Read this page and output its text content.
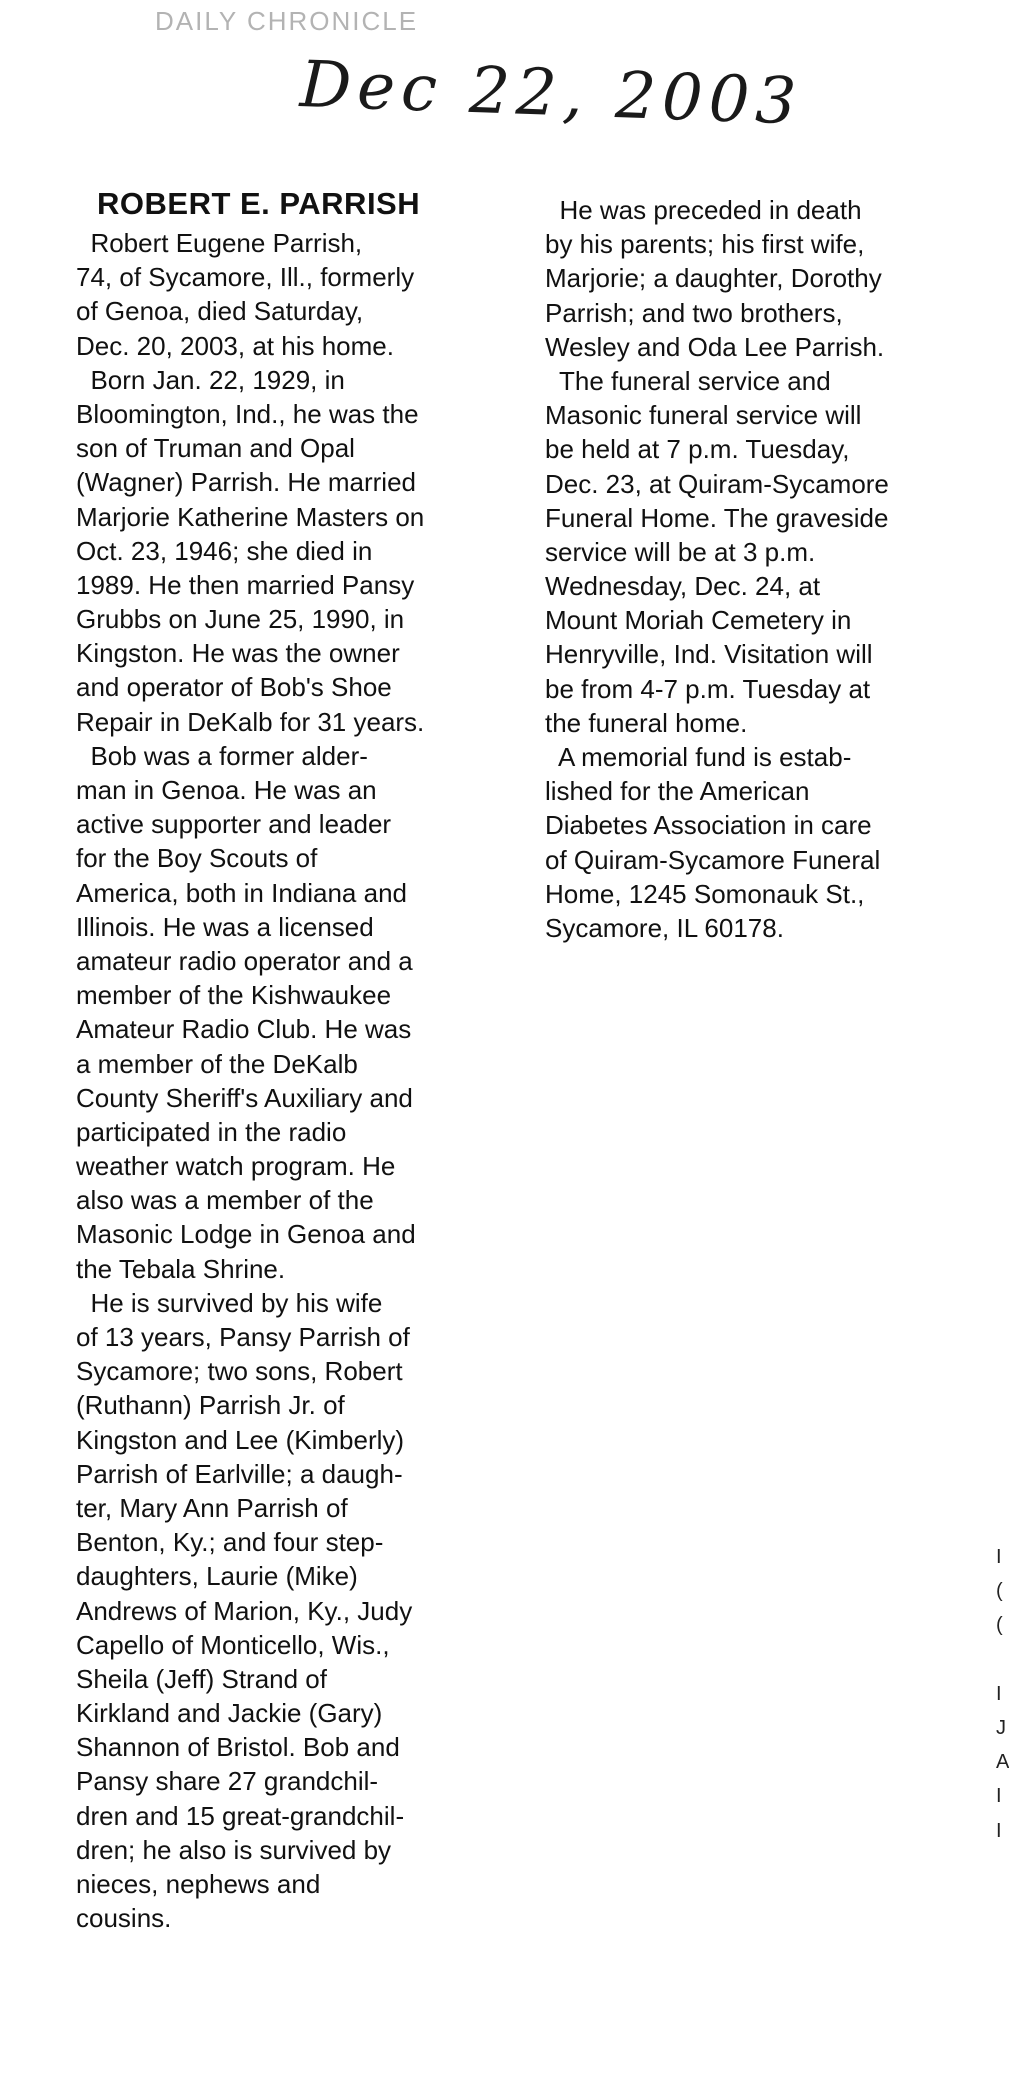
DAILY CHRONICLE
Dec 22, 2003
ROBERT E. PARRISH
Robert Eugene Parrish,
74, of Sycamore, Ill., formerly
of Genoa, died Saturday,
Dec. 20, 2003, at his home.
Born Jan. 22, 1929, in
Bloomington, Ind., he was the
son of Truman and Opal
(Wagner) Parrish. He married
Marjorie Katherine Masters on
Oct. 23, 1946; she died in
1989. He then married Pansy
Grubbs on June 25, 1990, in
Kingston. He was the owner
and operator of Bob's Shoe
Repair in DeKalb for 31 years.
Bob was a former alder-
man in Genoa. He was an
active supporter and leader
for the Boy Scouts of
America, both in Indiana and
Illinois. He was a licensed
amateur radio operator and a
member of the Kishwaukee
Amateur Radio Club. He was
a member of the DeKalb
County Sheriff's Auxiliary and
participated in the radio
weather watch program. He
also was a member of the
Masonic Lodge in Genoa and
the Tebala Shrine.
He is survived by his wife
of 13 years, Pansy Parrish of
Sycamore; two sons, Robert
(Ruthann) Parrish Jr. of
Kingston and Lee (Kimberly)
Parrish of Earlville; a daugh-
ter, Mary Ann Parrish of
Benton, Ky.; and four step-
daughters, Laurie (Mike)
Andrews of Marion, Ky., Judy
Capello of Monticello, Wis.,
Sheila (Jeff) Strand of
Kirkland and Jackie (Gary)
Shannon of Bristol. Bob and
Pansy share 27 grandchil-
dren and 15 great-grandchil-
dren; he also is survived by
nieces, nephews and
cousins.
He was preceded in death
by his parents; his first wife,
Marjorie; a daughter, Dorothy
Parrish; and two brothers,
Wesley and Oda Lee Parrish.
The funeral service and
Masonic funeral service will
be held at 7 p.m. Tuesday,
Dec. 23, at Quiram-Sycamore
Funeral Home. The graveside
service will be at 3 p.m.
Wednesday, Dec. 24, at
Mount Moriah Cemetery in
Henryville, Ind. Visitation will
be from 4-7 p.m. Tuesday at
the funeral home.
A memorial fund is estab-
lished for the American
Diabetes Association in care
of Quiram-Sycamore Funeral
Home, 1245 Somonauk St.,
Sycamore, IL 60178.
I
(
(
I
J
A
I
I
